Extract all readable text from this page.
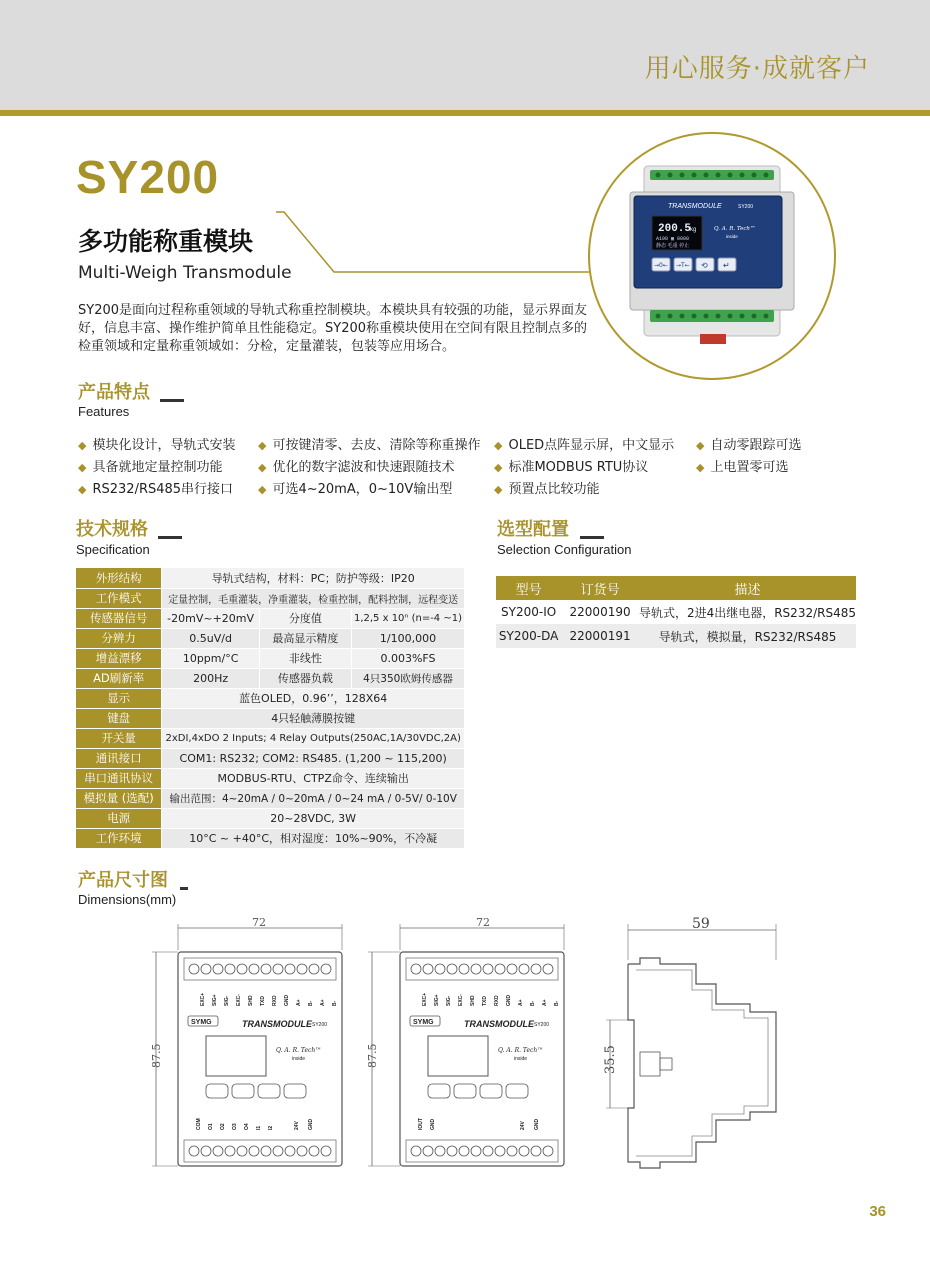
用心服务·成就客户
SY200
多功能称重模块
Multi-Weigh Transmodule
SY200是面向过程称重领域的导轨式称重控制模块。本模块具有较强的功能，显示界面友好，信息丰富、操作维护简单且性能稳定。SY200称重模块使用在空间有限且控制点多的检重领域和定量称重领域如：分检，定量灌装，包装等应用场合。
TRANSMODULE	SY200
200.5
kg
A100 ▦ 0000
静态 毛重 停止
Q. A. R. Tech™
inside
→0← →T← ⟲ ↵
产品特点
Features
◆ 模块化设计，导轨式安装 ◆ 可按键清零、去皮、清除等称重操作 ◆ OLED点阵显示屏，中文显示 ◆ 自动零跟踪可选
◆ 具备就地定量控制功能	◆ 优化的数字滤波和快速跟随技术	◆ 标准MODBUS RTU协议	◆ 上电置零可选
◆ RS232/RS485串行接口 ◆ 可选4~20mA，0~10V输出型	◆ 预置点比较功能
技术规格
Specification
外形结构	导轨式结构，材料：PC；防护等级：IP20		
工作模式	定量控制，毛重灌装，净重灌装，检重控制，配料控制，远程变送		
传感器信号	-20mV~+20mV	分度值	1,2,5 x 10ⁿ (n=-4 ~1)
分辨力	0.5uV/d	最高显示精度	1/100,000
增益漂移	10ppm/°C	非线性	0.003%FS
AD刷新率	200Hz	传感器负载	4只350欧姆传感器
显示	蓝色OLED，0.96’’，128X64		
键盘	4只轻触薄膜按键		
开关量	2xDI,4xDO 2 Inputs; 4 Relay Outputs(250AC,1A/30VDC,2A)		
通讯接口	COM1: RS232; COM2: RS485. (1,200 ~ 115,200)		
串口通讯协议	MODBUS-RTU、CTPZ命令、连续输出		
模拟量 (选配)	输出范围：4~20mA / 0~20mA / 0~24 mA / 0-5V/ 0-10V		
电源	20~28VDC, 3W		
工作环境	10°C ~ +40°C，相对湿度：10%~90%，不冷凝		
选型配置
Selection Configuration
型号	订货号	描述
SY200-IO	22000190	导轨式，2进4出继电器，RS232/RS485
SY200-DA	22000191	导轨式，模拟量，RS232/RS485
产品尺寸图
Dimensions(mm)
72
87.5
EXC+ SIG+ SIG- EXC- SHD TXD RXD GND A+ B- A+ B-
SYMG	TRANSMODULE SY200
Q. A. R. Tech™
inside
COM O1 O2 O3 O4 I1 I2	24V GND
72
87.5
EXC+ SIG+ SIG- EXC- SHD TXD RXD GND A+ B- A+ B-
SYMG	TRANSMODULE SY200
Q. A. R. Tech™
inside
IOUT GND	24V GND
59
35.5
36
